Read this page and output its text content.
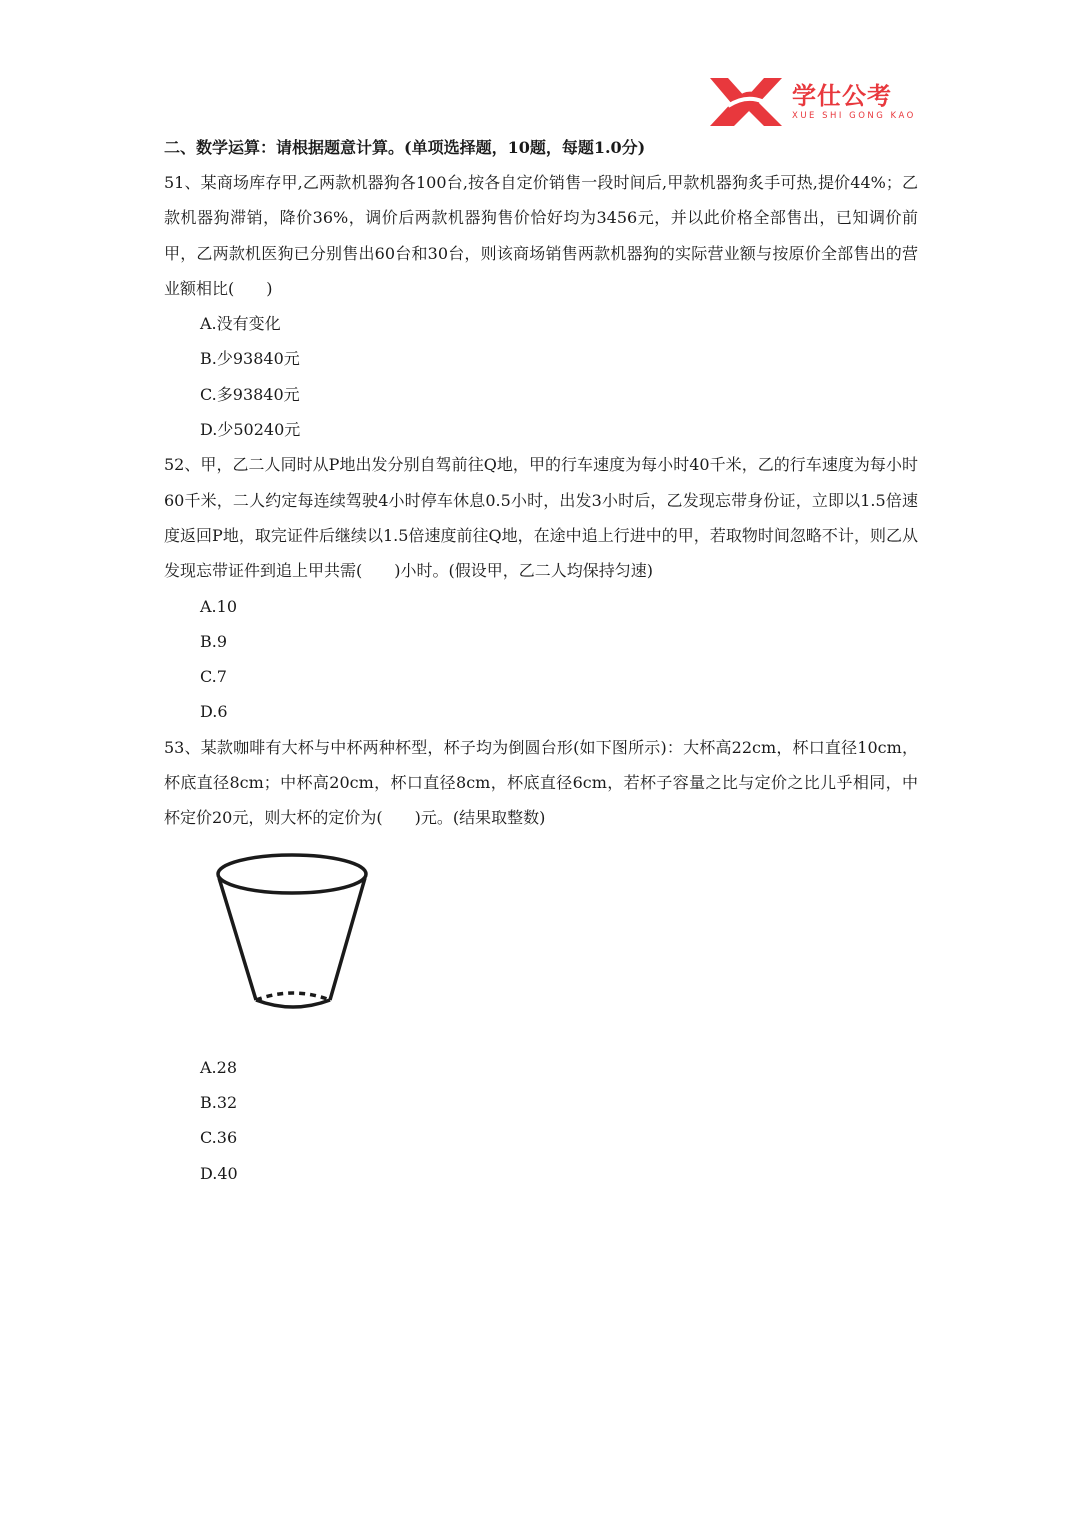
学仕公考
XUE SHI GONG KAO

二、数学运算：请根据题意计算。(单项选择题，10题，每题1.0分)

51、某商场库存甲,乙两款机器狗各100台,按各自定价销售一段时间后,甲款机器狗炙手可热,提价44%；乙款机器狗滞销，降价36%，调价后两款机器狗售价恰好均为3456元，并以此价格全部售出，已知调价前甲，乙两款机医狗已分别售出60台和30台，则该商场销售两款机器狗的实际营业额与按原价全部售出的营业额相比(　　)

A.没有变化

B.少93840元

C.多93840元

D.少50240元

52、甲，乙二人同时从P地出发分别自驾前往Q地，甲的行车速度为每小时40千米，乙的行车速度为每小时60千米，二人约定每连续驾驶4小时停车休息0.5小时，出发3小时后，乙发现忘带身份证，立即以1.5倍速度返回P地，取完证件后继续以1.5倍速度前往Q地，在途中追上行进中的甲，若取物时间忽略不计，则乙从发现忘带证件到追上甲共需(　　)小时。(假设甲，乙二人均保持匀速)

A.10

B.9

C.7

D.6

53、某款咖啡有大杯与中杯两种杯型，杯子均为倒圆台形(如下图所示)：大杯高22cm，杯口直径10cm，杯底直径8cm；中杯高20cm，杯口直径8cm，杯底直径6cm，若杯子容量之比与定价之比儿乎相同，中杯定价20元，则大杯的定价为(　　)元。(结果取整数)

A.28

B.32

C.36

D.40
